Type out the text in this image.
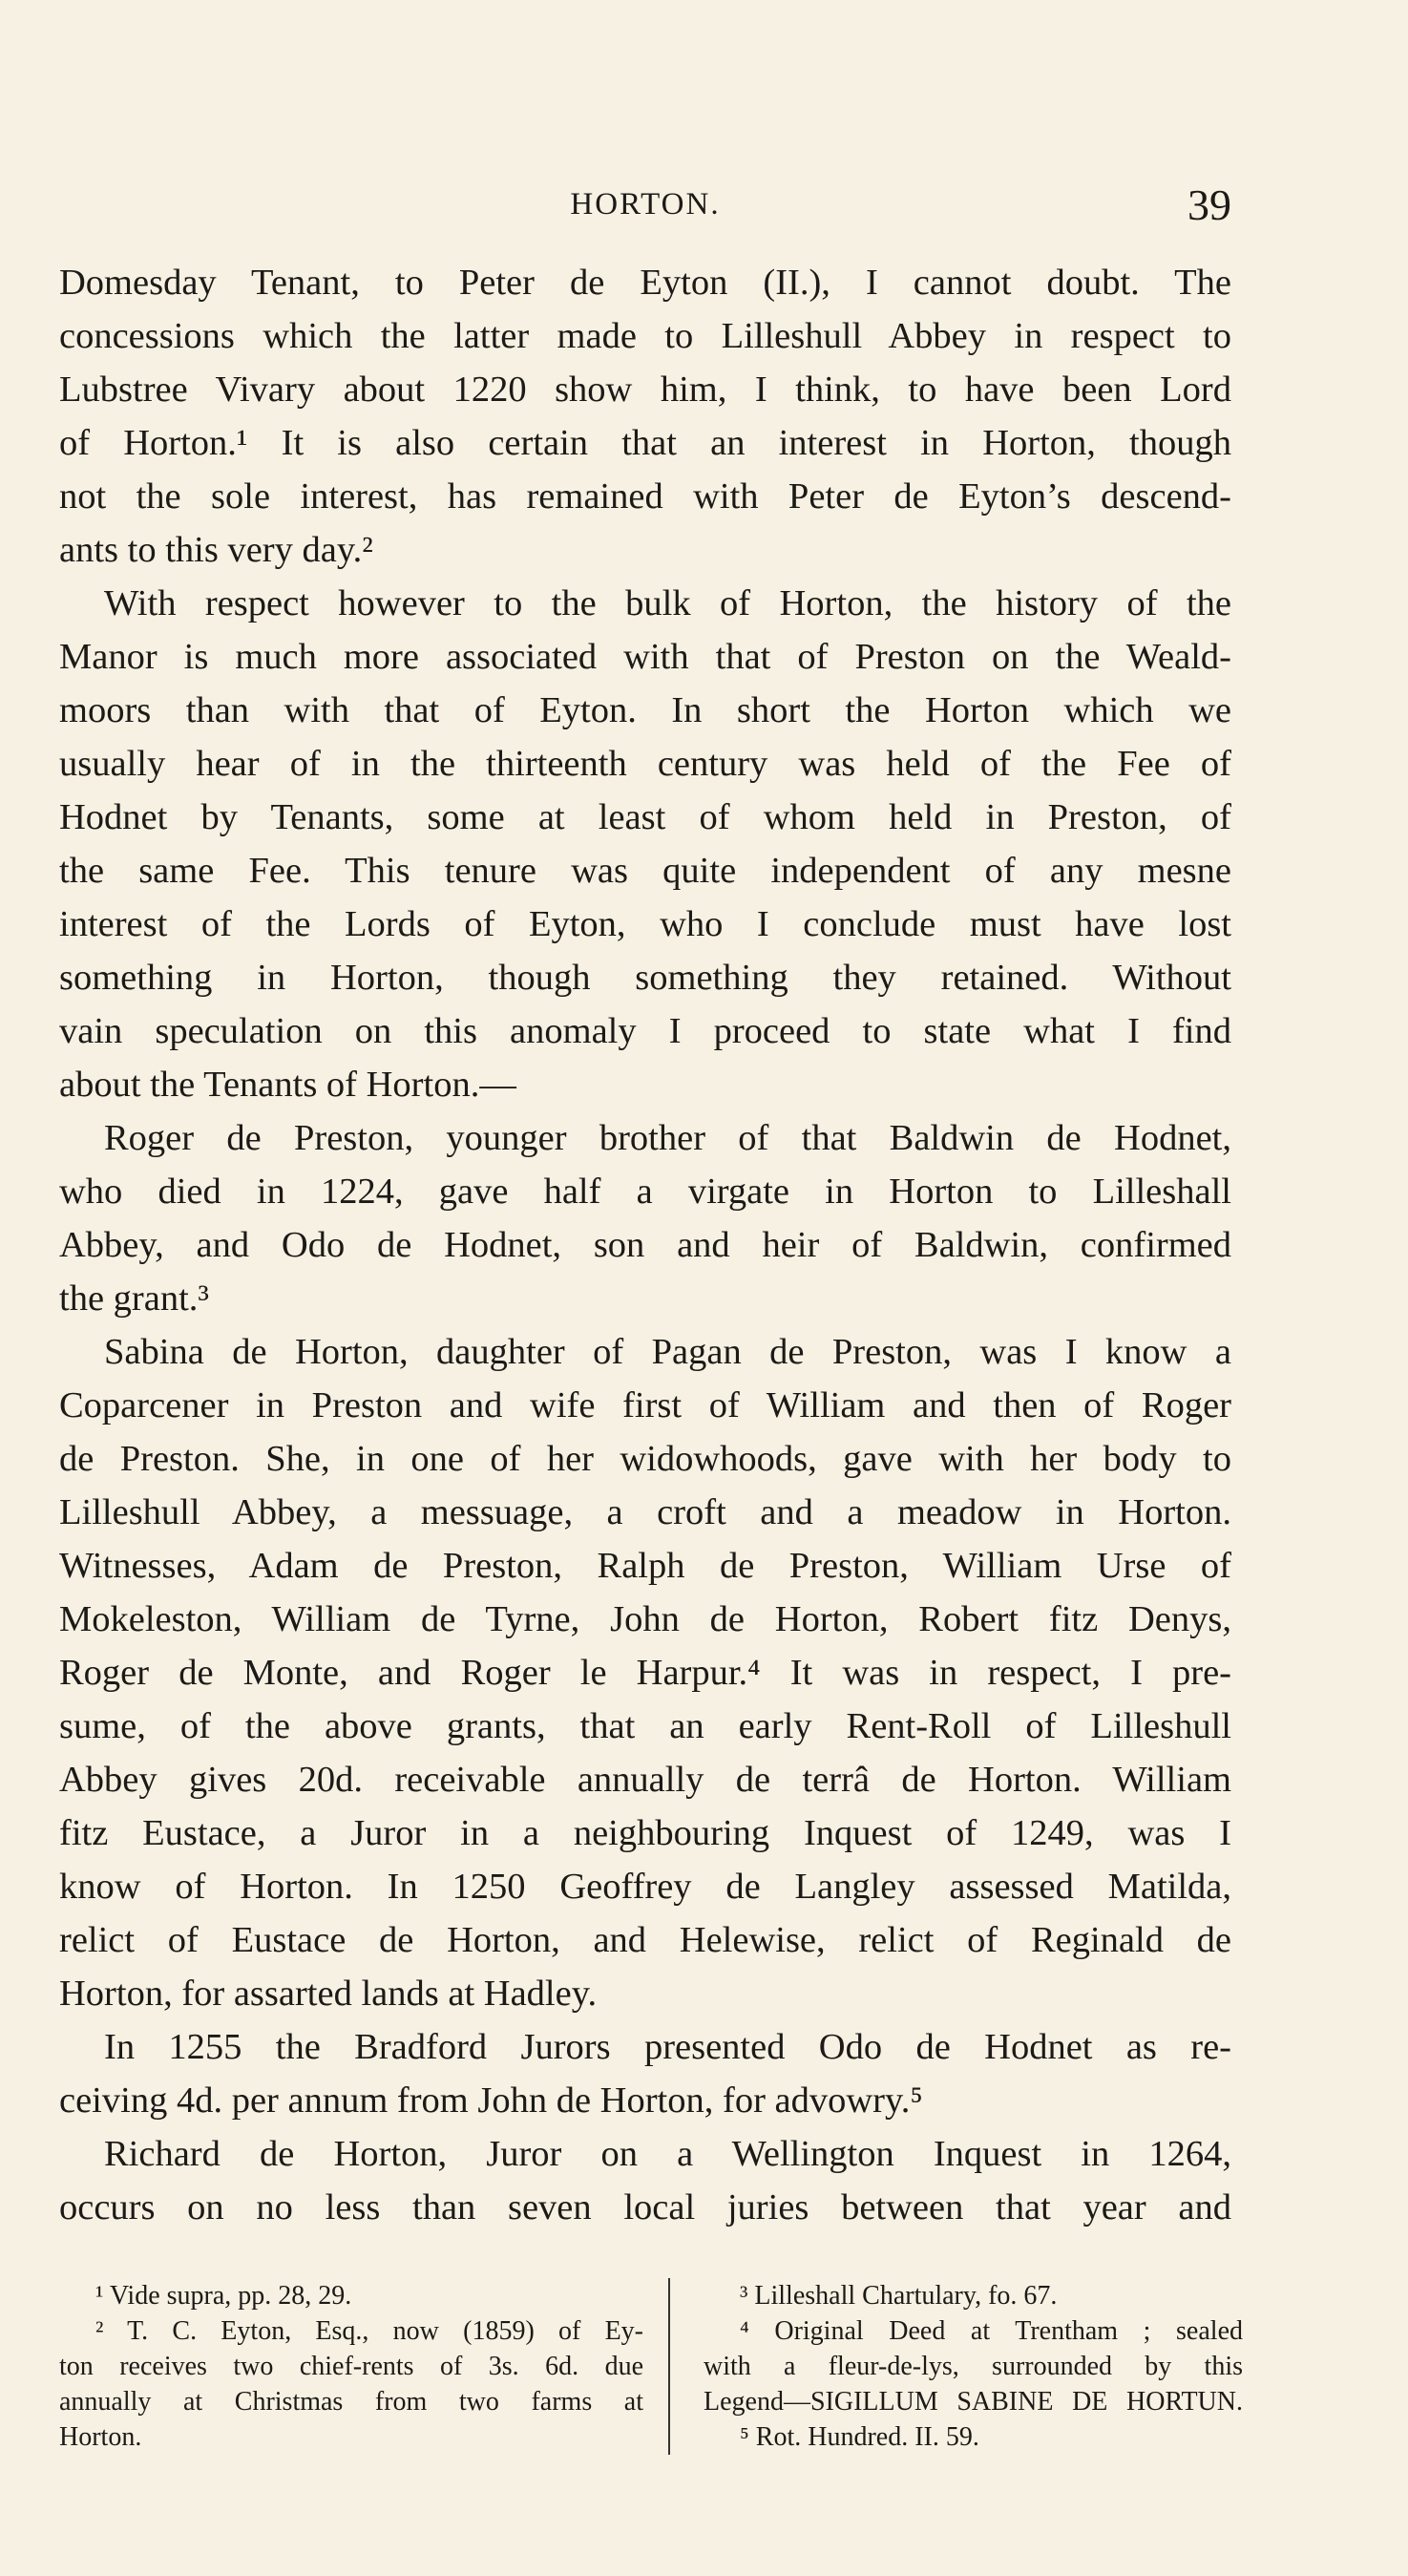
HORTON.	39
Domesday Tenant, to Peter de Eyton (II.), I cannot doubt. The
concessions which the latter made to Lilleshull Abbey in respect to
Lubstree Vivary about 1220 show him, I think, to have been Lord
of Horton.¹ It is also certain that an interest in Horton, though
not the sole interest, has remained with Peter de Eyton’s descend-
ants to this very day.²
With respect however to the bulk of Horton, the history of the
Manor is much more associated with that of Preston on the Weald-
moors than with that of Eyton. In short the Horton which we
usually hear of in the thirteenth century was held of the Fee of
Hodnet by Tenants, some at least of whom held in Preston, of
the same Fee. This tenure was quite independent of any mesne
interest of the Lords of Eyton, who I conclude must have lost
something in Horton, though something they retained. Without
vain speculation on this anomaly I proceed to state what I find
about the Tenants of Horton.—
Roger de Preston, younger brother of that Baldwin de Hodnet,
who died in 1224, gave half a virgate in Horton to Lilleshall
Abbey, and Odo de Hodnet, son and heir of Baldwin, confirmed
the grant.³
Sabina de Horton, daughter of Pagan de Preston, was I know a
Coparcener in Preston and wife first of William and then of Roger
de Preston. She, in one of her widowhoods, gave with her body to
Lilleshull Abbey, a messuage, a croft and a meadow in Horton.
Witnesses, Adam de Preston, Ralph de Preston, William Urse of
Mokeleston, William de Tyrne, John de Horton, Robert fitz Denys,
Roger de Monte, and Roger le Harpur.⁴ It was in respect, I pre-
sume, of the above grants, that an early Rent-Roll of Lilleshull
Abbey gives 20d. receivable annually de terrâ de Horton. William
fitz Eustace, a Juror in a neighbouring Inquest of 1249, was I
know of Horton. In 1250 Geoffrey de Langley assessed Matilda,
relict of Eustace de Horton, and Helewise, relict of Reginald de
Horton, for assarted lands at Hadley.
In 1255 the Bradford Jurors presented Odo de Hodnet as re-
ceiving 4d. per annum from John de Horton, for advowry.⁵
Richard de Horton, Juror on a Wellington Inquest in 1264,
occurs on no less than seven local juries between that year and
¹ Vide supra, pp. 28, 29.
² T. C. Eyton, Esq., now (1859) of Ey-
ton receives two chief-rents of 3s. 6d. due
annually at Christmas from two farms at
Horton.
³ Lilleshall Chartulary, fo. 67.
⁴ Original Deed at Trentham ; sealed
with a fleur-de-lys, surrounded by this
Legend—SIGILLUM SABINE DE HORTUN.
⁵ Rot. Hundred. II. 59.
